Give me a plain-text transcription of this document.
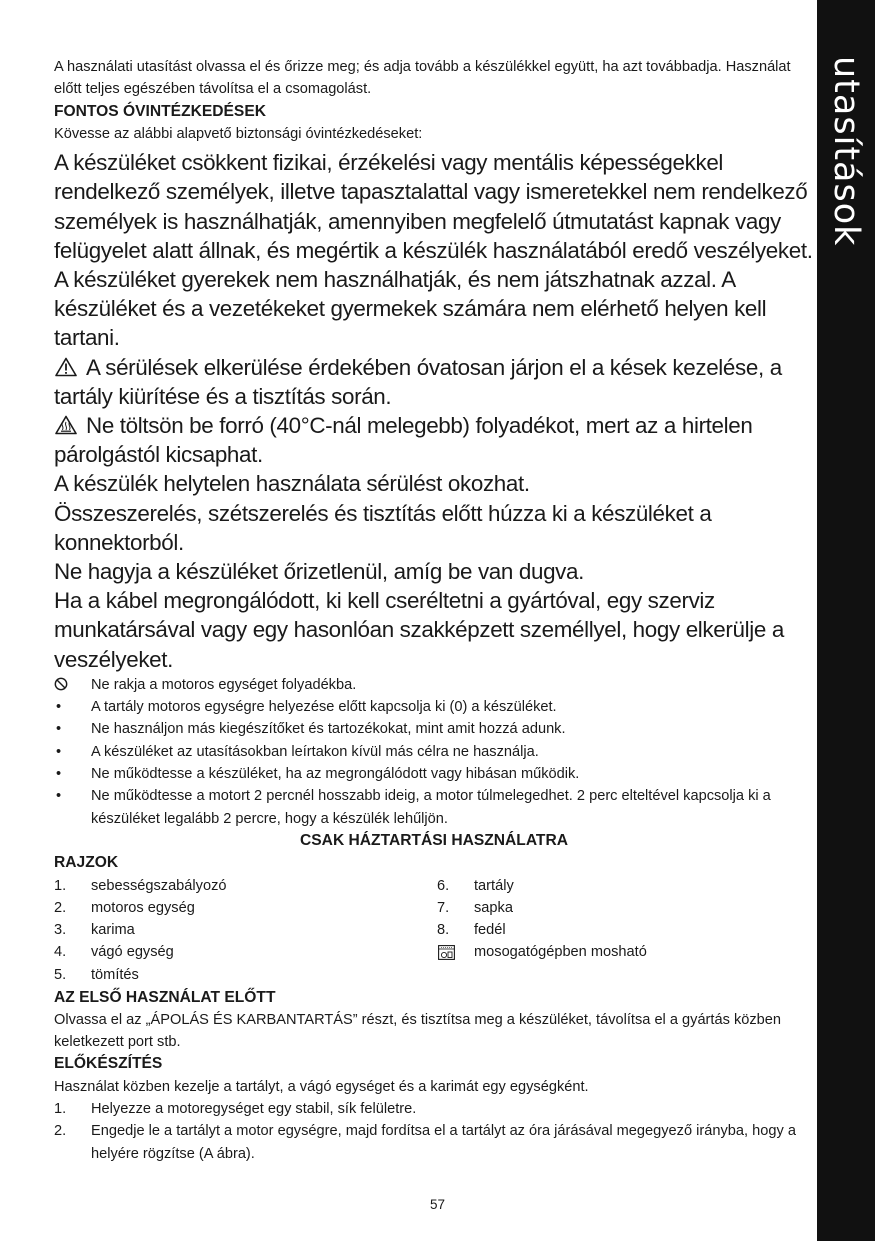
utasítások
A használati utasítást olvassa el és őrizze meg; és adja tovább a készülékkel együtt, ha azt továbbadja. Használat előtt teljes egészében távolítsa el a csomagolást.
FONTOS ÓVINTÉZKEDÉSEK
Kövesse az alábbi alapvető biztonsági óvintézkedéseket:
A készüléket csökkent fizikai, érzékelési vagy mentális képességekkel rendelkező személyek, illetve tapasztalattal vagy ismeretekkel nem rendelkező személyek is használhatják, amennyiben megfelelő útmutatást kapnak vagy felügyelet alatt állnak, és megértik a készülék használatából eredő veszélyeket. A készüléket gyerekek nem használhatják, és nem játszhatnak azzal. A készüléket és a vezetékeket gyermekek számára nem elérhető helyen kell tartani.
A sérülések elkerülése érdekében óvatosan járjon el a kések kezelése, a tartály kiürítése és a tisztítás során.
Ne töltsön be forró (40°C-nál melegebb) folyadékot, mert az a hirtelen párolgástól kicsaphat.
A készülék helytelen használata sérülést okozhat.
Összeszerelés, szétszerelés és tisztítás előtt húzza ki a készüléket a konnektorból.
Ne hagyja a készüléket őrizetlenül, amíg be van dugva.
Ha a kábel megrongálódott, ki kell cseréltetni a gyártóval, egy szerviz munkatársával vagy egy hasonlóan szakképzett személlyel, hogy elkerülje a veszélyeket.
Ne rakja a motoros egységet folyadékba.
•	A tartály motoros egységre helyezése előtt kapcsolja ki (0) a készüléket.
•	Ne használjon más kiegészítőket és tartozékokat, mint amit hozzá adunk.
•	A készüléket az utasításokban leírtakon kívül más célra ne használja.
•	Ne működtesse a készüléket, ha az megrongálódott vagy hibásan működik.
•	Ne működtesse a motort 2 percnél hosszabb ideig, a motor túlmelegedhet. 2 perc elteltével kapcsolja ki a készüléket legalább 2 percre, hogy a készülék lehűljön.
CSAK HÁZTARTÁSI HASZNÁLATRA
RAJZOK
1. sebességszabályozó
2. motoros egység
3. karima
4. vágó egység
5. tömítés
6. tartály
7. sapka
8. fedél
mosogatógépben mosható
AZ ELSŐ HASZNÁLAT ELŐTT
Olvassa el az „ÁPOLÁS ÉS KARBANTARTÁS” részt, és tisztítsa meg a készüléket, távolítsa el a gyártás közben keletkezett port stb.
ELŐKÉSZÍTÉS
Használat közben kezelje a tartályt, a vágó egységet és a karimát egy egységként.
1. Helyezze a motoregységet egy stabil, sík felületre.
2. Engedje le a tartályt a motor egységre, majd fordítsa el a tartályt az óra járásával megegyező irányba, hogy a helyére rögzítse (A ábra).
57
